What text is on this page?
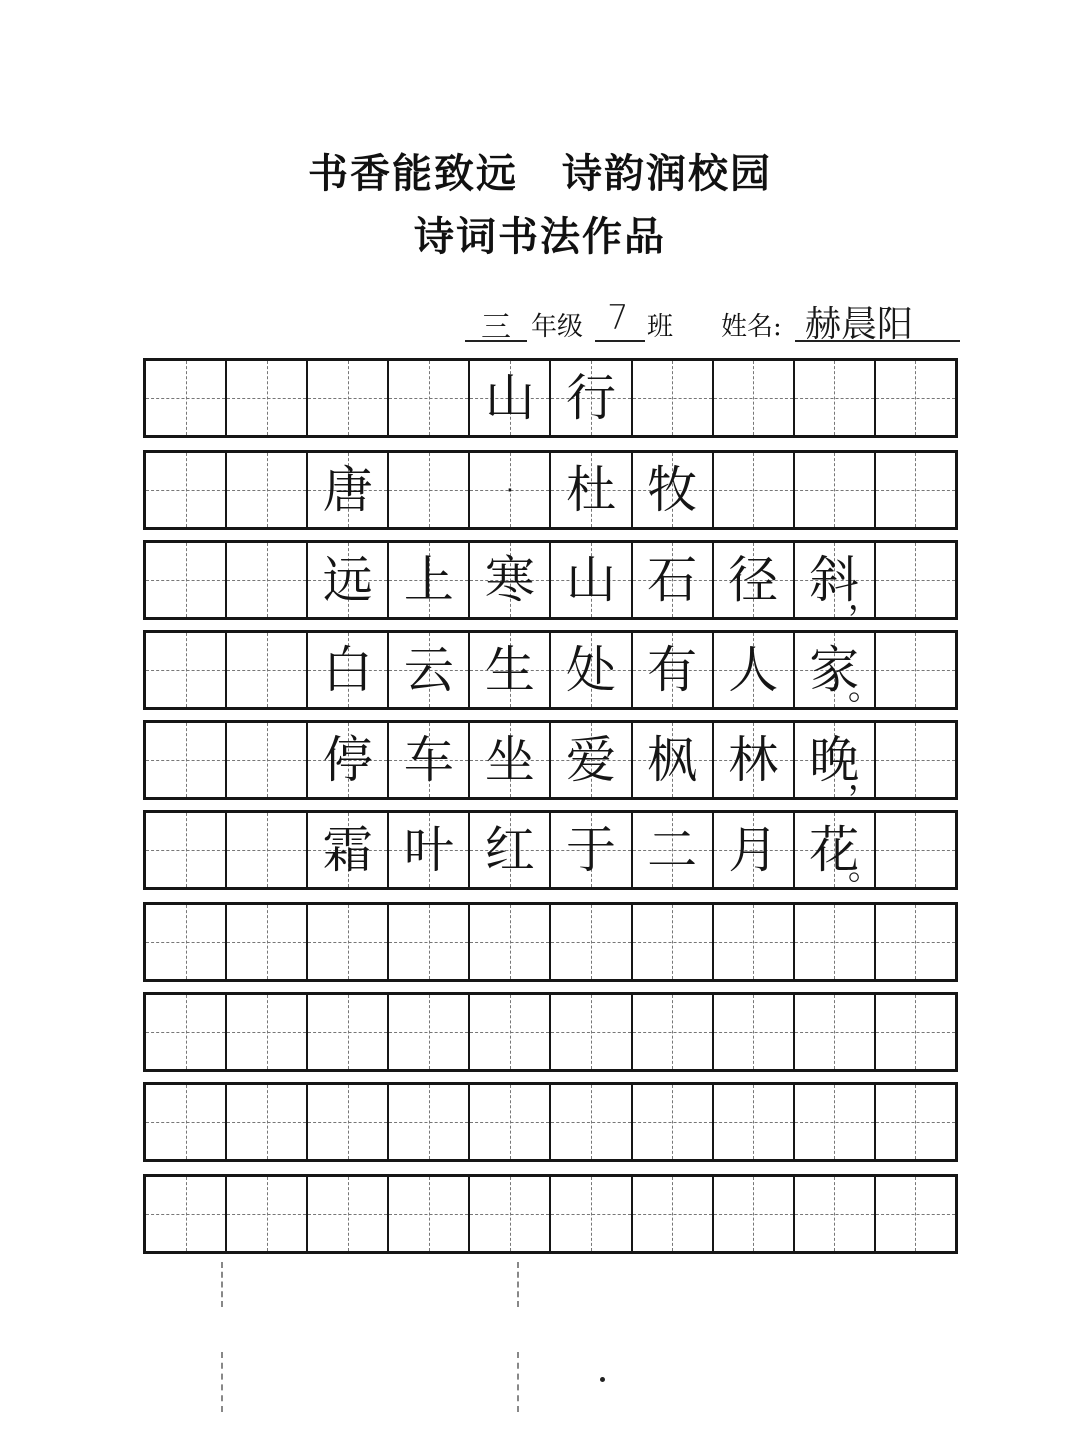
书香能致远 诗韵润校园
诗词书法作品
三 年级 7 班 姓名: 赫晨阳
山 行
唐	· 杜 牧
远 上 寒 山 石 径 斜
，
白 云 生 处 有 人 家
。
停 车 坐 爱 枫 林 晚
，
霜 叶 红 于 二 月 花
。
